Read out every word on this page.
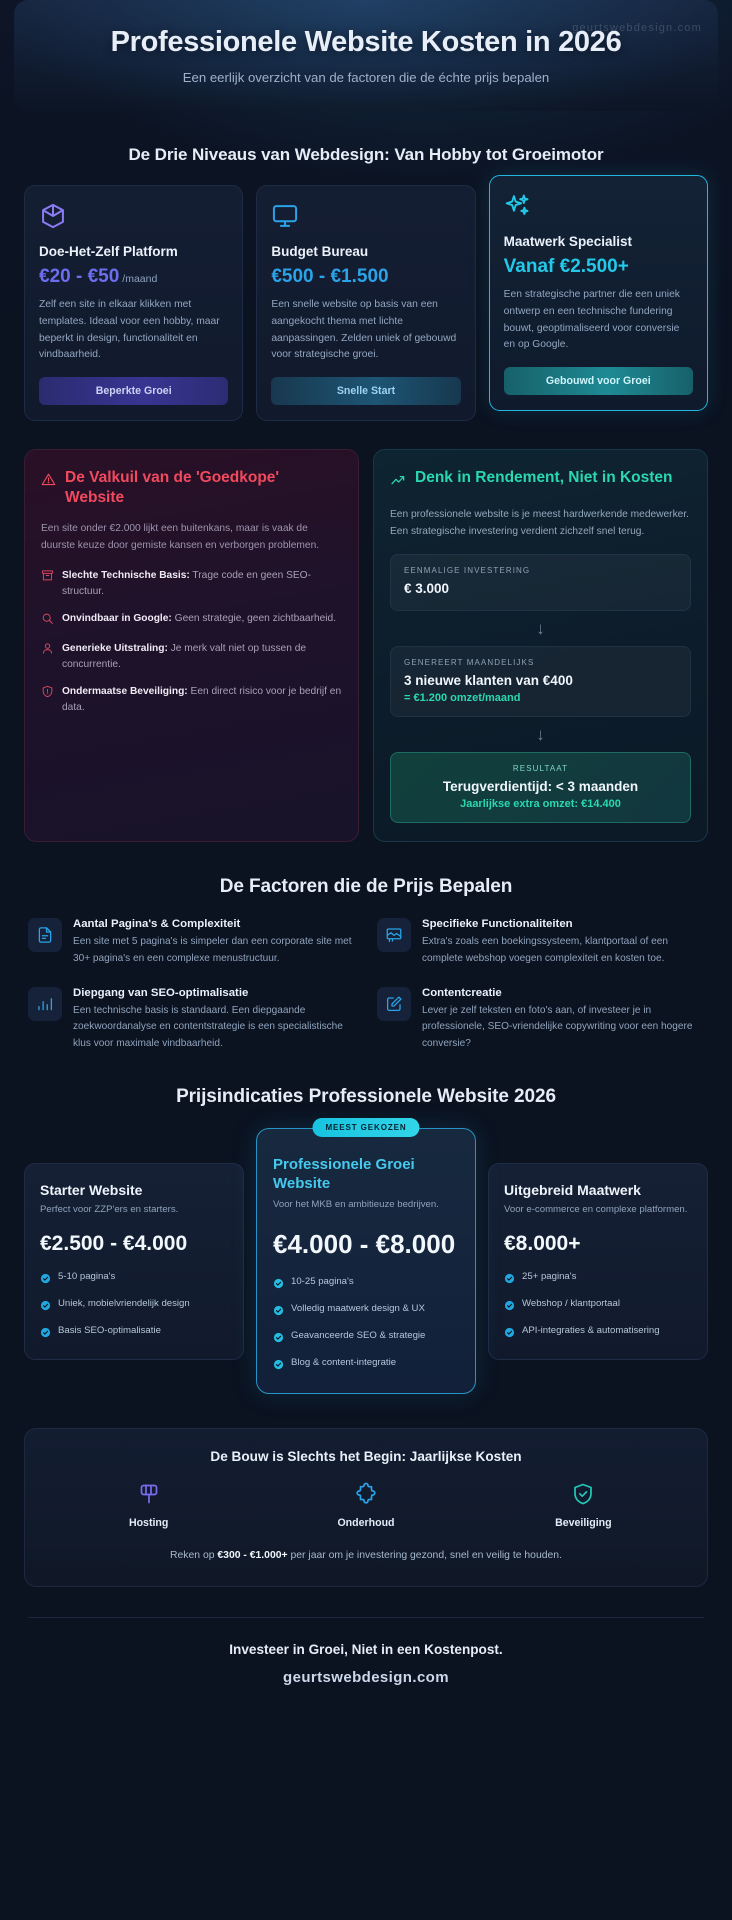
geurtswebdesign.com
Professionele Website Kosten in 2026

Een eerlijk overzicht van de factoren die de échte prijs bepalen

De Drie Niveaus van Webdesign: Van Hobby tot Groeimotor
Doe-Het-Zelf Platform
€20 - €50 /maand
Zelf een site in elkaar klikken met templates. Ideaal voor een hobby, maar beperkt in design, functionaliteit en vindbaarheid.
Beperkte Groei
Budget Bureau
€500 - €1.500
Een snelle website op basis van een aangekocht thema met lichte aanpassingen. Zelden uniek of gebouwd voor strategische groei.
Snelle Start
Maatwerk Specialist
Vanaf €2.500+
Een strategische partner die een uniek ontwerp en een technische fundering bouwt, geoptimaliseerd voor conversie en op Google.
Gebouwd voor Groei
De Valkuil van de 'Goedkope' Website

Een site onder €2.000 lijkt een buitenkans, maar is vaak de duurste keuze door gemiste kansen en verborgen problemen.

Slechte Technische Basis: Trage code en geen SEO-structuur.
Onvindbaar in Google: Geen strategie, geen zichtbaarheid.
Generieke Uitstraling: Je merk valt niet op tussen de concurrentie.
Ondermaatse Beveiliging: Een direct risico voor je bedrijf en data.
Denk in Rendement, Niet in Kosten

Een professionele website is je meest hardwerkende medewerker. Een strategische investering verdient zichzelf snel terug.

EENMALIGE INVESTERING
€ 3.000
↓
GENEREERT MAANDELIJKS
3 nieuwe klanten van €400
= €1.200 omzet/maand
↓
RESULTAAT
Terugverdientijd: < 3 maanden
Jaarlijkse extra omzet: €14.400
De Factoren die de Prijs Bepalen
Aantal Pagina's & Complexiteit

Een site met 5 pagina's is simpeler dan een corporate site met 30+ pagina's en een complexe menustructuur.

Specifieke Functionaliteiten

Extra's zoals een boekingssysteem, klantportaal of een complete webshop voegen complexiteit en kosten toe.

Diepgang van SEO-optimalisatie

Een technische basis is standaard. Een diepgaande zoekwoordanalyse en contentstrategie is een specialistische klus voor maximale vindbaarheid.

Contentcreatie

Lever je zelf teksten en foto's aan, of investeer je in professionele, SEO-vriendelijke copywriting voor een hogere conversie?

Prijsindicaties Professionele Website 2026
Starter Website
Perfect voor ZZP'ers en starters.
€2.500 - €4.000
5-10 pagina's
Uniek, mobielvriendelijk design
Basis SEO-optimalisatie
MEEST GEKOZEN
Professionele Groei Website
Voor het MKB en ambitieuze bedrijven.
€4.000 - €8.000
10-25 pagina's
Volledig maatwerk design & UX
Geavanceerde SEO & strategie
Blog & content-integratie
Uitgebreid Maatwerk
Voor e-commerce en complexe platformen.
€8.000+
25+ pagina's
Webshop / klantportaal
API-integraties & automatisering
De Bouw is Slechts het Begin: Jaarlijkse Kosten
Hosting	Onderhoud	Beveiliging
Reken op €300 - €1.000+ per jaar om je investering gezond, snel en veilig te houden.
Investeer in Groei, Niet in een Kostenpost.
geurtswebdesign.com
